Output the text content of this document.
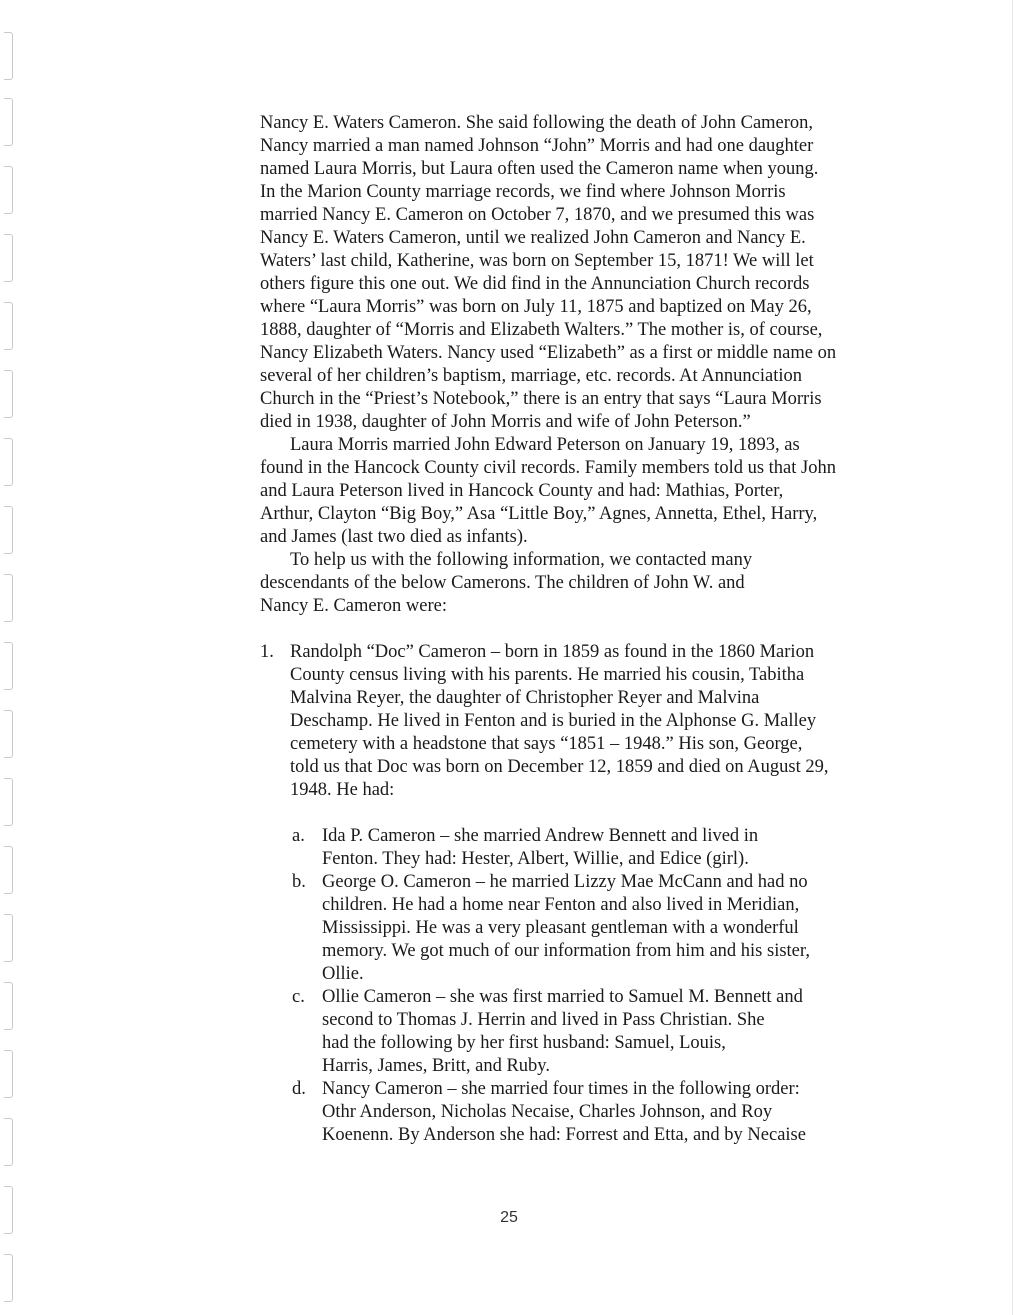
Nancy E. Waters Cameron. She said following the death of John Cameron,
Nancy married a man named Johnson “John” Morris and had one daughter
named Laura Morris, but Laura often used the Cameron name when young.
In the Marion County marriage records, we find where Johnson Morris
married Nancy E. Cameron on October 7, 1870, and we presumed this was
Nancy E. Waters Cameron, until we realized John Cameron and Nancy E.
Waters’ last child, Katherine, was born on September 15, 1871! We will let
others figure this one out. We did find in the Annunciation Church records
where “Laura Morris” was born on July 11, 1875 and baptized on May 26,
1888, daughter of “Morris and Elizabeth Walters.” The mother is, of course,
Nancy Elizabeth Waters. Nancy used “Elizabeth” as a first or middle name on
several of her children’s baptism, marriage, etc. records. At Annunciation
Church in the “Priest’s Notebook,” there is an entry that says “Laura Morris
died in 1938, daughter of John Morris and wife of John Peterson.”
Laura Morris married John Edward Peterson on January 19, 1893, as
found in the Hancock County civil records. Family members told us that John
and Laura Peterson lived in Hancock County and had: Mathias, Porter,
Arthur, Clayton “Big Boy,” Asa “Little Boy,” Agnes, Annetta, Ethel, Harry,
and James (last two died as infants).
To help us with the following information, we contacted many
descendants of the below Camerons. The children of John W. and
Nancy E. Cameron were:
1. Randolph “Doc” Cameron – born in 1859 as found in the 1860 Marion
County census living with his parents. He married his cousin, Tabitha
Malvina Reyer, the daughter of Christopher Reyer and Malvina
Deschamp. He lived in Fenton and is buried in the Alphonse G. Malley
cemetery with a headstone that says “1851 – 1948.” His son, George,
told us that Doc was born on December 12, 1859 and died on August 29,
1948. He had:
a. Ida P. Cameron – she married Andrew Bennett and lived in
Fenton. They had: Hester, Albert, Willie, and Edice (girl).
b. George O. Cameron – he married Lizzy Mae McCann and had no
children. He had a home near Fenton and also lived in Meridian,
Mississippi. He was a very pleasant gentleman with a wonderful
memory. We got much of our information from him and his sister,
Ollie.
c. Ollie Cameron – she was first married to Samuel M. Bennett and
second to Thomas J. Herrin and lived in Pass Christian. She
had the following by her first husband: Samuel, Louis,
Harris, James, Britt, and Ruby.
d. Nancy Cameron – she married four times in the following order:
Othr Anderson, Nicholas Necaise, Charles Johnson, and Roy
Koenenn. By Anderson she had: Forrest and Etta, and by Necaise
25
